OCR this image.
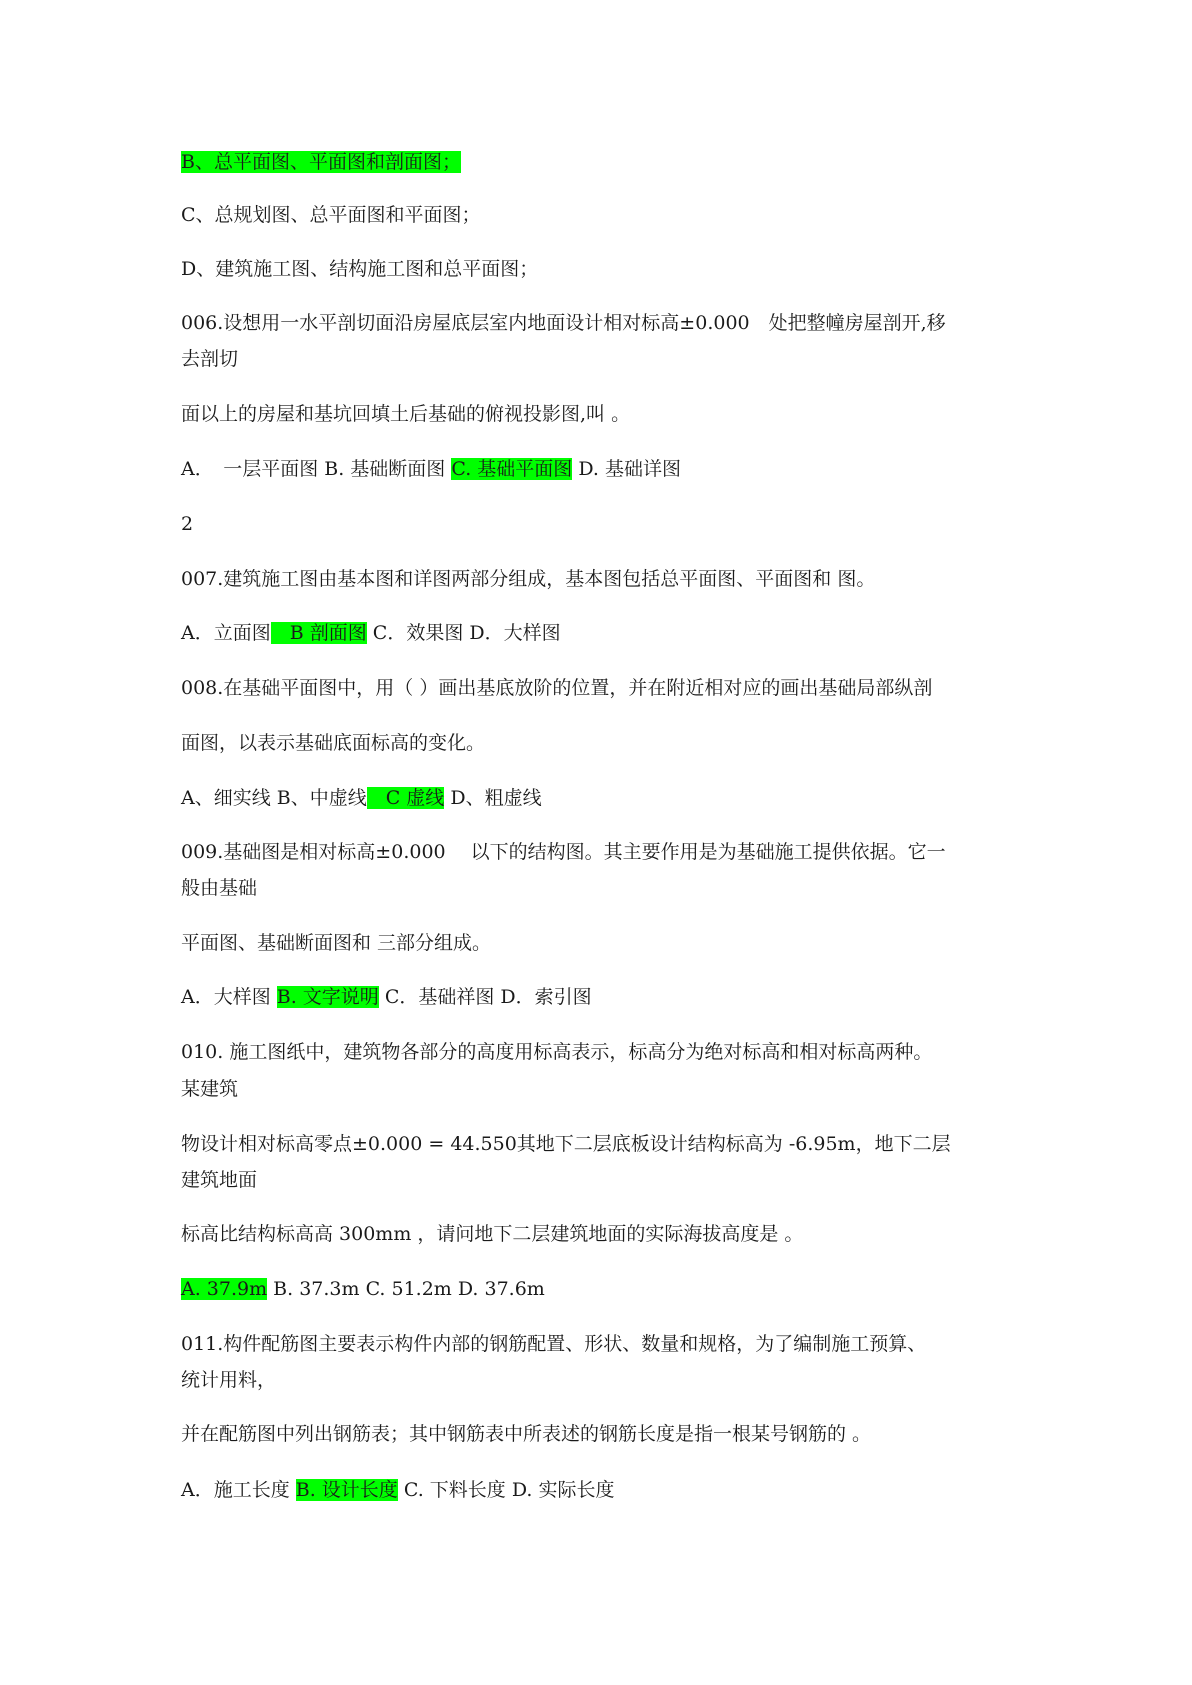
B、总平面图、平面图和剖面图；
C、总规划图、总平面图和平面图；
D、建筑施工图、结构施工图和总平面图；
006.设想用一水平剖切面沿房屋底层室内地面设计相对标高±0.000　处把整幢房屋剖开,移
去剖切
面以上的房屋和基坑回填土后基础的俯视投影图,叫 。
A．　一层平面图 B. 基础断面图 C. 基础平面图 D. 基础详图
2
007.建筑施工图由基本图和详图两部分组成，基本图包括总平面图、平面图和 图。
A．立面图　B 剖面图 C．效果图 D．大样图
008.在基础平面图中，用（ ）画出基底放阶的位置，并在附近相对应的画出基础局部纵剖
面图，以表示基础底面标高的变化。
A、细实线 B、中虚线　C 虚线 D、粗虚线
009.基础图是相对标高±0.000　 以下的结构图。其主要作用是为基础施工提供依据。它一
般由基础
平面图、基础断面图和 三部分组成。
A．大样图 B. 文字说明 C．基础祥图 D．索引图
010. 施工图纸中，建筑物各部分的高度用标高表示，标高分为绝对标高和相对标高两种。
某建筑
物设计相对标高零点±0.000 = 44.550其地下二层底板设计结构标高为 -6.95m，地下二层
建筑地面
标高比结构标高高 300mm ，请问地下二层建筑地面的实际海拔高度是 。
A. 37.9m B. 37.3m C. 51.2m D. 37.6m
011.构件配筋图主要表示构件内部的钢筋配置、形状、数量和规格，为了编制施工预算、
统计用料，
并在配筋图中列出钢筋表；其中钢筋表中所表述的钢筋长度是指一根某号钢筋的 。
A．施工长度 B. 设计长度 C. 下料长度 D. 实际长度
